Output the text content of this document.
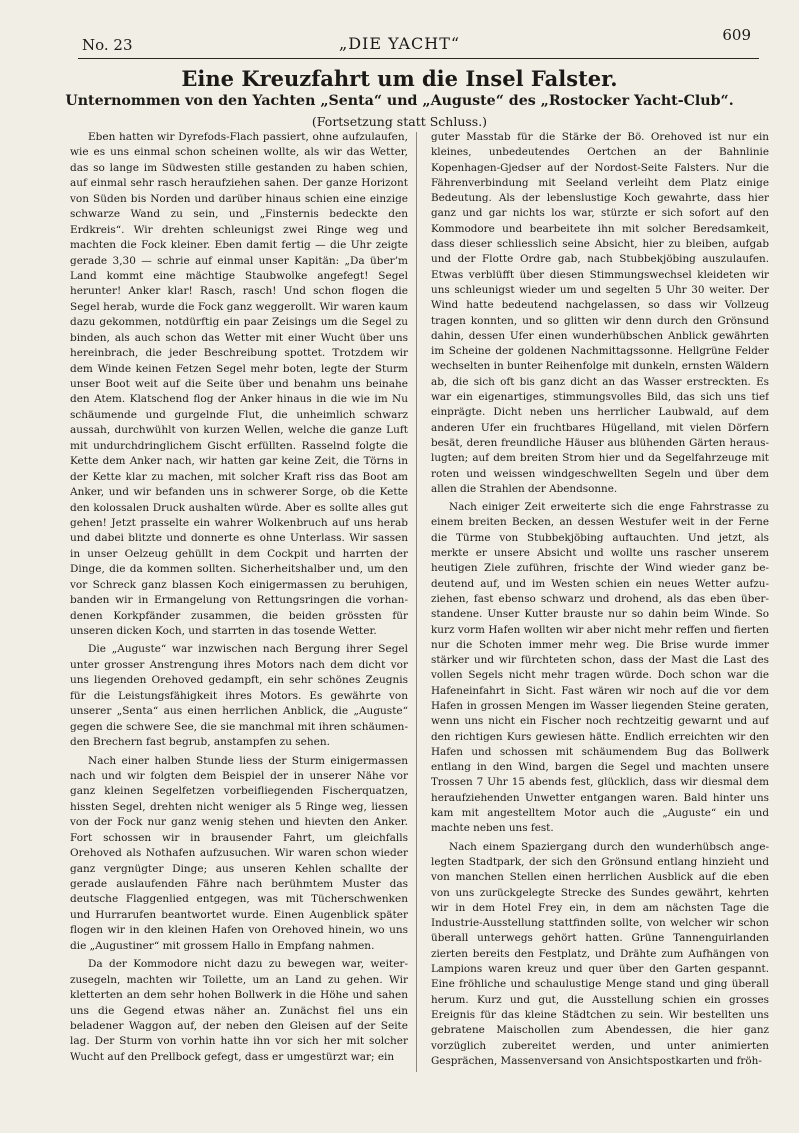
No. 23	„DIE YACHT“	609
Eine Kreuzfahrt um die Insel Falster.
Unternommen von den Yachten „Senta“ und „Auguste“ des „Rostocker Yacht-Club“.
(Fortsetzung statt Schluss.)

Eben hatten wir Dyrefods-Flach passiert, ohne aufzulaufen, wie es uns einmal schon scheinen wollte, als wir das Wetter, das so lange im Südwesten stille gestanden zu haben schien, auf einmal sehr rasch heraufziehen sahen. Der ganze Horizont von Süden bis Norden und darüber hinaus schien eine einzige schwarze Wand zu sein, und „Finsternis bedeckte den Erdkreis“. Wir drehten schleunigst zwei Ringe weg und machten die Fock kleiner. Eben damit fertig — die Uhr zeigte gerade 3,30 — schrie auf einmal unser Kapitän: „Da über’m Land kommt eine mächtige Staubwolke angefegt! Segel herunter! Anker klar! Rasch, rasch! Und schon flogen die Segel herab, wurde die Fock ganz weggerollt. Wir waren kaum dazu gekommen, notdürftig ein paar Zeisings um die Segel zu binden, als auch schon das Wetter mit einer Wucht über uns hereinbrach, die jeder Beschreibung spottet. Trotzdem wir dem Winde keinen Fetzen Segel mehr boten, legte der Sturm unser Boot weit auf die Seite über und benahm uns beinahe den Atem. Klatschend flog der Anker hinaus in die wie im Nu schäumende und gurgelnde Flut, die unheimlich schwarz aussah, durchwühlt von kurzen Wellen, welche die ganze Luft mit undurchdringlichem Gischt erfüllten. Rasselnd folgte die Kette dem Anker nach, wir hatten gar keine Zeit, die Törns in der Kette klar zu machen, mit solcher Kraft riss das Boot am Anker, und wir befanden uns in schwerer Sorge, ob die Kette den kolossalen Druck aushalten würde. Aber es sollte alles gut gehen! Jetzt prasselte ein wahrer Wolkenbruch auf uns herab und dabei blitzte und donnerte es ohne Unterlass. Wir sassen in unser Oelzeug gehüllt in dem Cockpit und harrten der Dinge, die da kommen sollten. Sicherheitshalber und, um den vor Schreck ganz blassen Koch einigermassen zu beruhigen, banden wir in Ermangelung von Rettungsringen die vorhandenen Korkpfänder zusammen, die beiden grössten für unseren dicken Koch, und starrten in das tosende Wetter.

Die „Auguste“ war inzwischen nach Bergung ihrer Segel unter grosser Anstrengung ihres Motors nach dem dicht vor uns liegenden Orehoved gedampft, ein sehr schönes Zeugnis für die Leistungsfähigkeit ihres Motors. Es gewährte von unserer „Senta“ aus einen herrlichen Anblick, die „Auguste“ gegen die schwere See, die sie manchmal mit ihren schäumenden Brechern fast begrub, anstampfen zu sehen.

Nach einer halben Stunde liess der Sturm einigermassen nach und wir folgten dem Beispiel der in unserer Nähe vor ganz kleinen Segelfetzen vorbeifliegenden Fischerquatzen, hissten Segel, drehten nicht weniger als 5 Ringe weg, liessen von der Fock nur ganz wenig stehen und hievten den Anker. Fort schossen wir in brausender Fahrt, um gleichfalls Orehoved als Nothafen aufzusuchen. Wir waren schon wieder ganz vergnügter Dinge; aus unseren Kehlen schallte der gerade auslaufenden Fähre nach berühmtem Muster das deutsche Flaggenlied entgegen, was mit Tücherschwenken und Hurrarufen beantwortet wurde. Einen Augenblick später flogen wir in den kleinen Hafen von Orehoved hinein, wo uns die „Augustiner“ mit grossem Hallo in Empfang nahmen.

Da der Kommodore nicht dazu zu bewegen war, weiterzusegeln, machten wir Toilette, um an Land zu gehen. Wir kletterten an dem sehr hohen Bollwerk in die Höhe und sahen uns die Gegend etwas näher an. Zunächst fiel uns ein beladener Waggon auf, der neben den Gleisen auf der Seite lag. Der Sturm von vorhin hatte ihn vor sich her mit solcher Wucht auf den Prellbock gefegt, dass er umgestürzt war; ein

guter Masstab für die Stärke der Bö. Orehoved ist nur ein kleines, unbedeutendes Oertchen an der Bahnlinie Kopenhagen-Gjedser auf der Nordost-Seite Falsters. Nur die Fährenverbindung mit Seeland verleiht dem Platz einige Bedeutung. Als der lebenslustige Koch gewahrte, dass hier ganz und gar nichts los war, stürzte er sich sofort auf den Kommodore und bearbeitete ihn mit solcher Beredsamkeit, dass dieser schliesslich seine Absicht, hier zu bleiben, aufgab und der Flotte Ordre gab, nach Stubbekjöbing auszulaufen. Etwas verblüfft über diesen Stimmungswechsel kleideten wir uns schleunigst wieder um und segelten 5 Uhr 30 weiter. Der Wind hatte bedeutend nachgelassen, so dass wir Vollzeug tragen konnten, und so glitten wir denn durch den Grönsund dahin, dessen Ufer einen wunderhübschen Anblick gewährten im Scheine der goldenen Nachmittagssonne. Hellgrüne Felder wechselten in bunter Reihenfolge mit dunkeln, ernsten Wäldern ab, die sich oft bis ganz dicht an das Wasser erstreckten. Es war ein eigenartiges, stimmungsvolles Bild, das sich uns tief einprägte. Dicht neben uns herrlicher Laubwald, auf dem anderen Ufer ein fruchtbares Hügelland, mit vielen Dörfern besät, deren freundliche Häuser aus blühenden Gärten herauslugten; auf dem breiten Strom hier und da Segelfahrzeuge mit roten und weissen windgeschwellten Segeln und über dem allen die Strahlen der Abendsonne.

Nach einiger Zeit erweiterte sich die enge Fahrstrasse zu einem breiten Becken, an dessen Westufer weit in der Ferne die Türme von Stubbekjöbing auftauchten. Und jetzt, als merkte er unsere Absicht und wollte uns rascher unserem heutigen Ziele zuführen, frischte der Wind wieder ganz bedeutend auf, und im Westen schien ein neues Wetter aufzuziehen, fast ebenso schwarz und drohend, als das eben überstandene. Unser Kutter brauste nur so dahin beim Winde. So kurz vorm Hafen wollten wir aber nicht mehr reffen und fierten nur die Schoten immer mehr weg. Die Brise wurde immer stärker und wir fürchteten schon, dass der Mast die Last des vollen Segels nicht mehr tragen würde. Doch schon war die Hafeneinfahrt in Sicht. Fast wären wir noch auf die vor dem Hafen in grossen Mengen im Wasser liegenden Steine geraten, wenn uns nicht ein Fischer noch rechtzeitig gewarnt und auf den richtigen Kurs gewiesen hätte. Endlich erreichten wir den Hafen und schossen mit schäumendem Bug das Bollwerk entlang in den Wind, bargen die Segel und machten unsere Trossen 7 Uhr 15 abends fest, glücklich, dass wir diesmal dem heraufziehenden Unwetter entgangen waren. Bald hinter uns kam mit angestelltem Motor auch die „Auguste“ ein und machte neben uns fest.

Nach einem Spaziergang durch den wunderhübsch angelegten Stadtpark, der sich den Grönsund entlang hinzieht und von manchen Stellen einen herrlichen Ausblick auf die eben von uns zurückgelegte Strecke des Sundes gewährt, kehrten wir in dem Hotel Frey ein, in dem am nächsten Tage die Industrie-Ausstellung stattfinden sollte, von welcher wir schon überall unterwegs gehört hatten. Grüne Tannenguirlanden zierten bereits den Festplatz, und Drähte zum Aufhängen von Lampions waren kreuz und quer über den Garten gespannt. Eine fröhliche und schaulustige Menge stand und ging überall herum. Kurz und gut, die Ausstellung schien ein grosses Ereignis für das kleine Städtchen zu sein. Wir bestellten uns gebratene Maischollen zum Abendessen, die hier ganz vorzüglich zubereitet werden, und unter animierten Gesprächen, Massenversand von Ansichtspostkarten und fröh-
